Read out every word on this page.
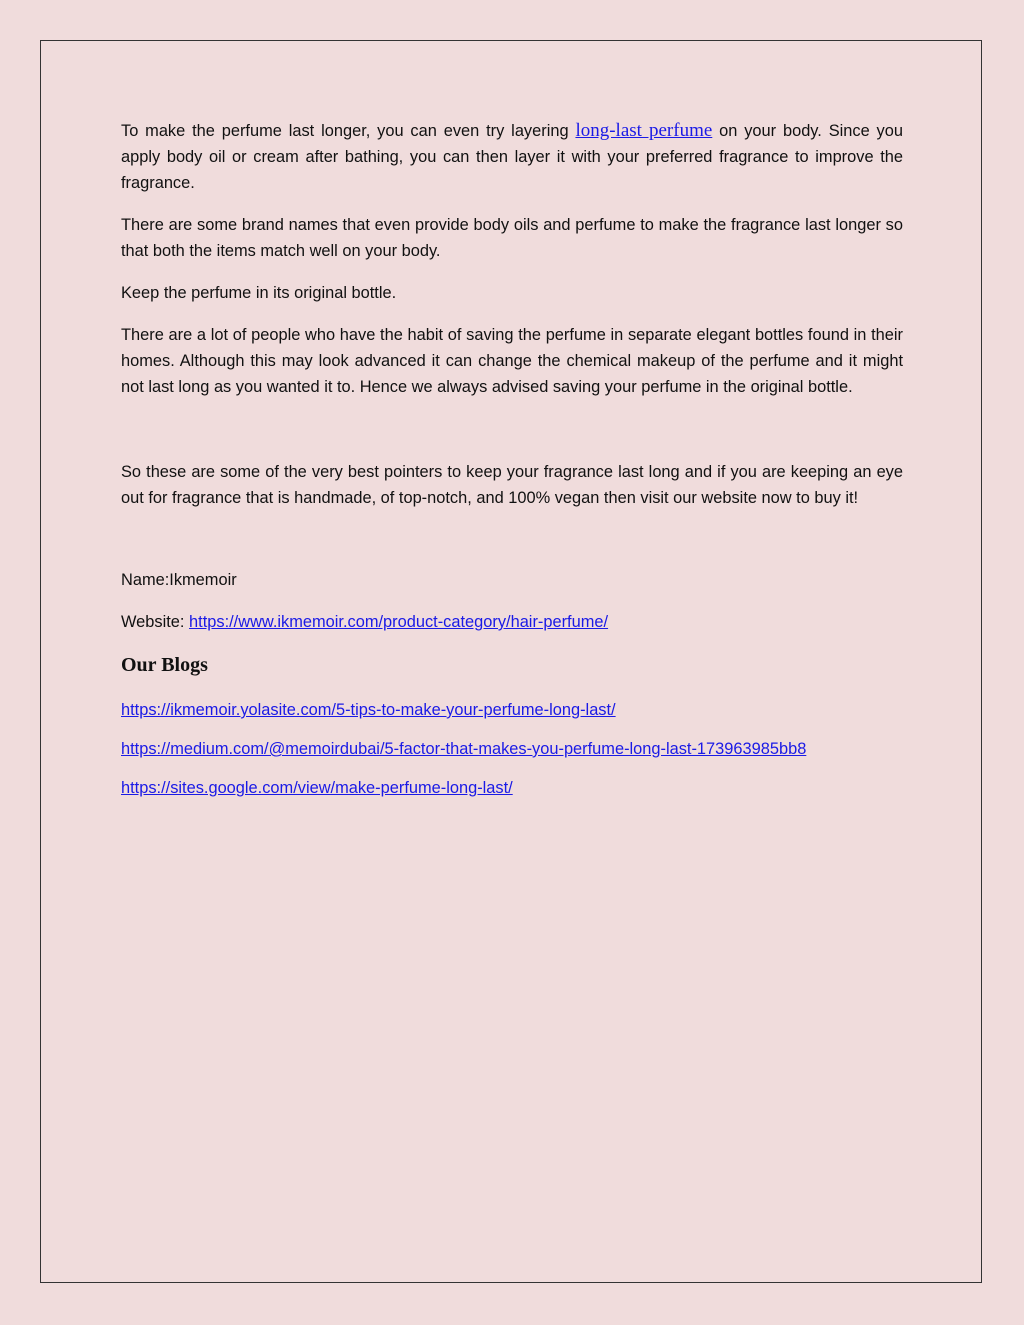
To make the perfume last longer, you can even try layering long-last perfume on your body. Since you apply body oil or cream after bathing, you can then layer it with your preferred fragrance to improve the fragrance.

There are some brand names that even provide body oils and perfume to make the fragrance last longer so that both the items match well on your body.

Keep the perfume in its original bottle.

There are a lot of people who have the habit of saving the perfume in separate elegant bottles found in their homes. Although this may look advanced it can change the chemical makeup of the perfume and it might not last long as you wanted it to. Hence we always advised saving your perfume in the original bottle.

So these are some of the very best pointers to keep your fragrance last long and if you are keeping an eye out for fragrance that is handmade, of top-notch, and 100% vegan then visit our website now to buy it!

Name:Ikmemoir

Website: https://www.ikmemoir.com/product-category/hair-perfume/

Our Blogs
https://ikmemoir.yolasite.com/5-tips-to-make-your-perfume-long-last/
https://medium.com/@memoirdubai/5-factor-that-makes-you-perfume-long-last-173963985bb8
https://sites.google.com/view/make-perfume-long-last/
